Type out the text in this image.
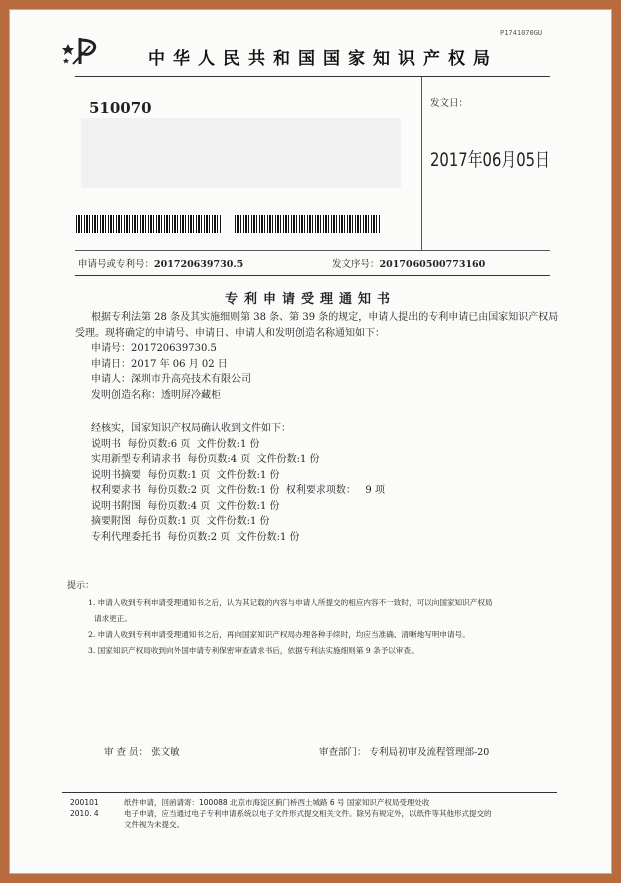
P1741070GU
中华人民共和国国家知识产权局
510070	发文日：
2017年06月05日
申请号或专利号：201720639730.5	发文序号：2017060500773160
专利申请受理通知书
根据专利法第 28 条及其实施细则第 38 条、第 39 条的规定，申请人提出的专利申请已由国家知识产权局
受理。现将确定的申请号、申请日、申请人和发明创造名称通知如下：
申请号：201720639730.5
申请日：2017 年 06 月 02 日
申请人：深圳市升高亮技术有限公司
发明创造名称：透明屏冷藏柜
经核实，国家知识产权局确认收到文件如下：
说明书  每份页数:6 页  文件份数:1 份
实用新型专利请求书  每份页数:4 页  文件份数:1 份
说明书摘要  每份页数:1 页  文件份数:1 份
权利要求书  每份页数:2 页  文件份数:1 份  权利要求项数：   9 项
说明书附图  每份页数:4 页  文件份数:1 份
摘要附图  每份页数:1 页  文件份数:1 份
专利代理委托书  每份页数:2 页  文件份数:1 份
提示：
1. 申请人收到专利申请受理通知书之后，认为其记载的内容与申请人所提交的相应内容不一致时，可以向国家知识产权局
请求更正。
2. 申请人收到专利申请受理通知书之后，再向国家知识产权局办理各种手续时，均应当准确、清晰地写明申请号。
3. 国家知识产权局收到向外国申请专利保密审查请求书后，依据专利法实施细则第 9 条予以审查。
审 查 员： 张文敏	审查部门： 专利局初审及流程管理部-20
200101
2010. 4
纸件申请，回函请寄：100088 北京市海淀区蓟门桥西土城路 6 号 国家知识产权局受理处收
电子申请，应当通过电子专利申请系统以电子文件形式提交相关文件。除另有规定外，以纸件等其他形式提交的
文件视为未提交。
